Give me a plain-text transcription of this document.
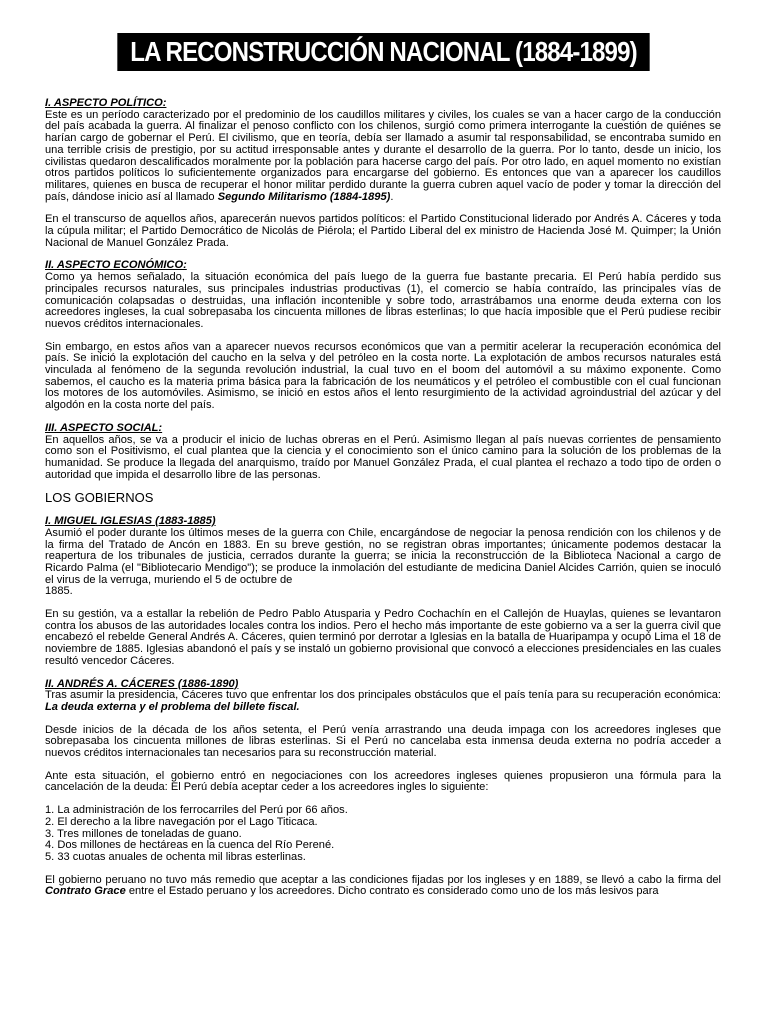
LA RECONSTRUCCIÓN NACIONAL (1884-1899)
I. ASPECTO POLÍTICO:

Este es un período caracterizado por el predominio de los caudillos militares y civiles, los cuales se van a hacer cargo de la conducción del país acabada la guerra. Al finalizar el penoso conflicto con los chilenos, surgió como primera interrogante la cuestión de quiénes se harían cargo de gobernar el Perú. El civilismo, que en teoría, debía ser llamado a asumir tal responsabilidad, se encontraba sumido en una terrible crisis de prestigio, por su actitud irresponsable antes y durante el desarrollo de la guerra. Por lo tanto, desde un inicio, los civilistas quedaron descalificados moralmente por la población para hacerse cargo del país. Por otro lado, en aquel momento no existían otros partidos políticos lo suficientemente organizados para encargarse del gobierno. Es entonces que van a aparecer los caudillos militares, quienes en busca de recuperar el honor militar perdido durante la guerra cubren aquel vacío de poder y tomar la dirección del país, dándose inicio así al llamado Segundo Militarismo (1884-1895).

En el transcurso de aquellos años, aparecerán nuevos partidos políticos: el Partido Constitucional liderado por Andrés A. Cáceres y toda la cúpula militar; el Partido Democrático de Nicolás de Piérola; el Partido Liberal del ex ministro de Hacienda José M. Quimper; la Unión Nacional de Manuel González Prada.

II. ASPECTO ECONÓMICO:

Como ya hemos señalado, la situación económica del país luego de la guerra fue bastante precaria. El Perú había perdido sus principales recursos naturales, sus principales industrias productivas (1), el comercio se había contraído, las principales vías de comunicación colapsadas o destruidas, una inflación incontenible y sobre todo, arrastrábamos una enorme deuda externa con los acreedores ingleses, la cual sobrepasaba los cincuenta millones de libras esterlinas; lo que hacía imposible que el Perú pudiese recibir nuevos créditos internacionales.

Sin embargo, en estos años van a aparecer nuevos recursos económicos que van a permitir acelerar la recuperación económica del país. Se inició la explotación del caucho en la selva y del petróleo en la costa norte. La explotación de ambos recursos naturales está vinculada al fenómeno de la segunda revolución industrial, la cual tuvo en el boom del automóvil a su máximo exponente. Como sabemos, el caucho es la materia prima básica para la fabricación de los neumáticos y el petróleo el combustible con el cual funcionan los motores de los automóviles. Asimismo, se inició en estos años el lento resurgimiento de la actividad agroindustrial del azúcar y del algodón en la costa norte del país.

III. ASPECTO SOCIAL:

En aquellos años, se va a producir el inicio de luchas obreras en el Perú. Asimismo llegan al país nuevas corrientes de pensamiento como son el Positivismo, el cual plantea que la ciencia y el conocimiento son el único camino para la solución de los problemas de la humanidad. Se produce la llegada del anarquismo, traído por Manuel González Prada, el cual plantea el rechazo a todo tipo de orden o autoridad que impida el desarrollo libre de las personas.

LOS GOBIERNOS
I. MIGUEL IGLESIAS (1883-1885)

Asumió el poder durante los últimos meses de la guerra con Chile, encargándose de negociar la penosa rendición con los chilenos y de la firma del Tratado de Ancón en 1883. En su breve gestión, no se registran obras importantes; únicamente podemos destacar la reapertura de los tribunales de justicia, cerrados durante la guerra; se inicia la reconstrucción de la Biblioteca Nacional a cargo de Ricardo Palma (el "Bibliotecario Mendigo"); se produce la inmolación del estudiante de medicina Daniel Alcides Carrión, quien se inoculó el virus de la verruga, muriendo el 5 de octubre de
1885.

En su gestión, va a estallar la rebelión de Pedro Pablo Atusparia y Pedro Cochachín en el Callejón de Huaylas, quienes se levantaron contra los abusos de las autoridades locales contra los indios. Pero el hecho más importante de este gobierno va a ser la guerra civil que encabezó el rebelde General Andrés A. Cáceres, quien terminó por derrotar a Iglesias en la batalla de Huaripampa y ocupó Lima el 18 de noviembre de 1885. Iglesias abandonó el país y se instaló un gobierno provisional que convocó a elecciones presidenciales en las cuales resultó vencedor Cáceres.

II. ANDRÉS A. CÁCERES (1886-1890)

Tras asumir la presidencia, Cáceres tuvo que enfrentar los dos principales obstáculos que el país tenía para su recuperación económica: La deuda externa y el problema del billete fiscal.

Desde inicios de la década de los años setenta, el Perú venía arrastrando una deuda impaga con los acreedores ingleses que sobrepasaba los cincuenta millones de libras esterlinas. Si el Perú no cancelaba esta inmensa deuda externa no podría acceder a nuevos créditos internacionales tan necesarios para su reconstrucción material.

Ante esta situación, el gobierno entró en negociaciones con los acreedores ingleses quienes propusieron una fórmula para la cancelación de la deuda: El Perú debía aceptar ceder a los acreedores ingles lo siguiente:

1. La administración de los ferrocarriles del Perú por 66 años.
2. El derecho a la libre navegación por el Lago Titicaca.
3. Tres millones de toneladas de guano.
4. Dos millones de hectáreas en la cuenca del Río Perené.
5. 33 cuotas anuales de ochenta mil libras esterlinas.

El gobierno peruano no tuvo más remedio que aceptar a las condiciones fijadas por los ingleses y en 1889, se llevó a cabo la firma del Contrato Grace entre el Estado peruano y los acreedores. Dicho contrato es considerado como uno de los más lesivos para
